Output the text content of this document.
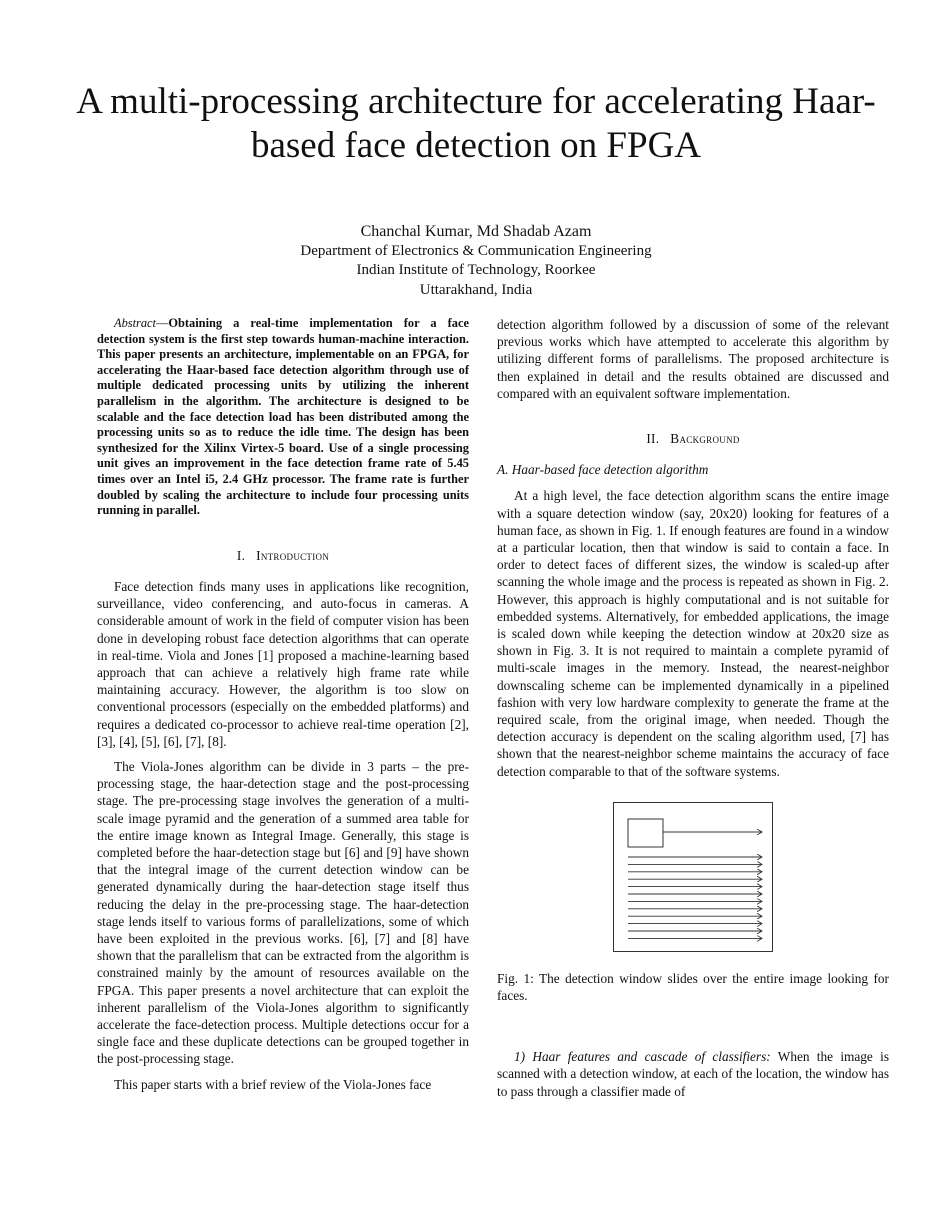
A multi-processing architecture for accelerating Haar-based face detection on FPGA
Chanchal Kumar, Md Shadab Azam
Department of Electronics & Communication Engineering
Indian Institute of Technology, Roorkee
Uttarakhand, India

Abstract—Obtaining a real-time implementation for a face detection system is the first step towards human-machine interaction. This paper presents an architecture, implementable on an FPGA, for accelerating the Haar-based face detection algorithm through use of multiple dedicated processing units by utilizing the inherent parallelism in the algorithm. The architecture is designed to be scalable and the face detection load has been distributed among the processing units so as to reduce the idle time. The design has been synthesized for the Xilinx Virtex-5 board. Use of a single processing unit gives an improvement in the face detection frame rate of 5.45 times over an Intel i5, 2.4 GHz processor. The frame rate is further doubled by scaling the architecture to include four processing units running in parallel.

I. Introduction

Face detection finds many uses in applications like recognition, surveillance, video conferencing, and auto-focus in cameras. A considerable amount of work in the field of computer vision has been done in developing robust face detection algorithms that can operate in real-time. Viola and Jones [1] proposed a machine-learning based approach that can achieve a relatively high frame rate while maintaining accuracy. However, the algorithm is too slow on conventional processors (especially on the embedded platforms) and requires a dedicated co-processor to achieve real-time operation [2], [3], [4], [5], [6], [7], [8].

The Viola-Jones algorithm can be divide in 3 parts – the pre-processing stage, the haar-detection stage and the post-processing stage. The pre-processing stage involves the generation of a multi-scale image pyramid and the generation of a summed area table for the entire image known as Integral Image. Generally, this stage is completed before the haar-detection stage but [6] and [9] have shown that the integral image of the current detection window can be generated dynamically during the haar-detection stage itself thus reducing the delay in the pre-processing stage. The haar-detection stage lends itself to various forms of parallelizations, some of which have been exploited in the previous works. [6], [7] and [8] have shown that the parallelism that can be extracted from the algorithm is constrained mainly by the amount of resources available on the FPGA. This paper presents a novel architecture that can exploit the inherent parallelism of the Viola-Jones algorithm to significantly accelerate the face-detection process. Multiple detections occur for a single face and these duplicate detections can be grouped together in the post-processing stage.

This paper starts with a brief review of the Viola-Jones face

detection algorithm followed by a discussion of some of the relevant previous works which have attempted to accelerate this algorithm by utilizing different forms of parallelisms. The proposed architecture is then explained in detail and the results obtained are discussed and compared with an equivalent software implementation.

II. Background
A. Haar-based face detection algorithm

At a high level, the face detection algorithm scans the entire image with a square detection window (say, 20x20) looking for features of a human face, as shown in Fig. 1. If enough features are found in a window at a particular location, then that window is said to contain a face. In order to detect faces of different sizes, the window is scaled-up after scanning the whole image and the process is repeated as shown in Fig. 2. However, this approach is highly computational and is not suitable for embedded systems. Alternatively, for embedded applications, the image is scaled down while keeping the detection window at 20x20 size as shown in Fig. 3. It is not required to maintain a complete pyramid of multi-scale images in the memory. Instead, the nearest-neighbor downscaling scheme can be implemented dynamically in a pipelined fashion with very low hardware complexity to generate the frame at the required scale, from the original image, when needed. Though the detection accuracy is dependent on the scaling algorithm used, [7] has shown that the nearest-neighbor scheme maintains the accuracy of face detection comparable to that of the software systems.

Fig. 1: The detection window slides over the entire image looking for faces.

1) Haar features and cascade of classifiers: When the image is scanned with a detection window, at each of the location, the window has to pass through a classifier made of
